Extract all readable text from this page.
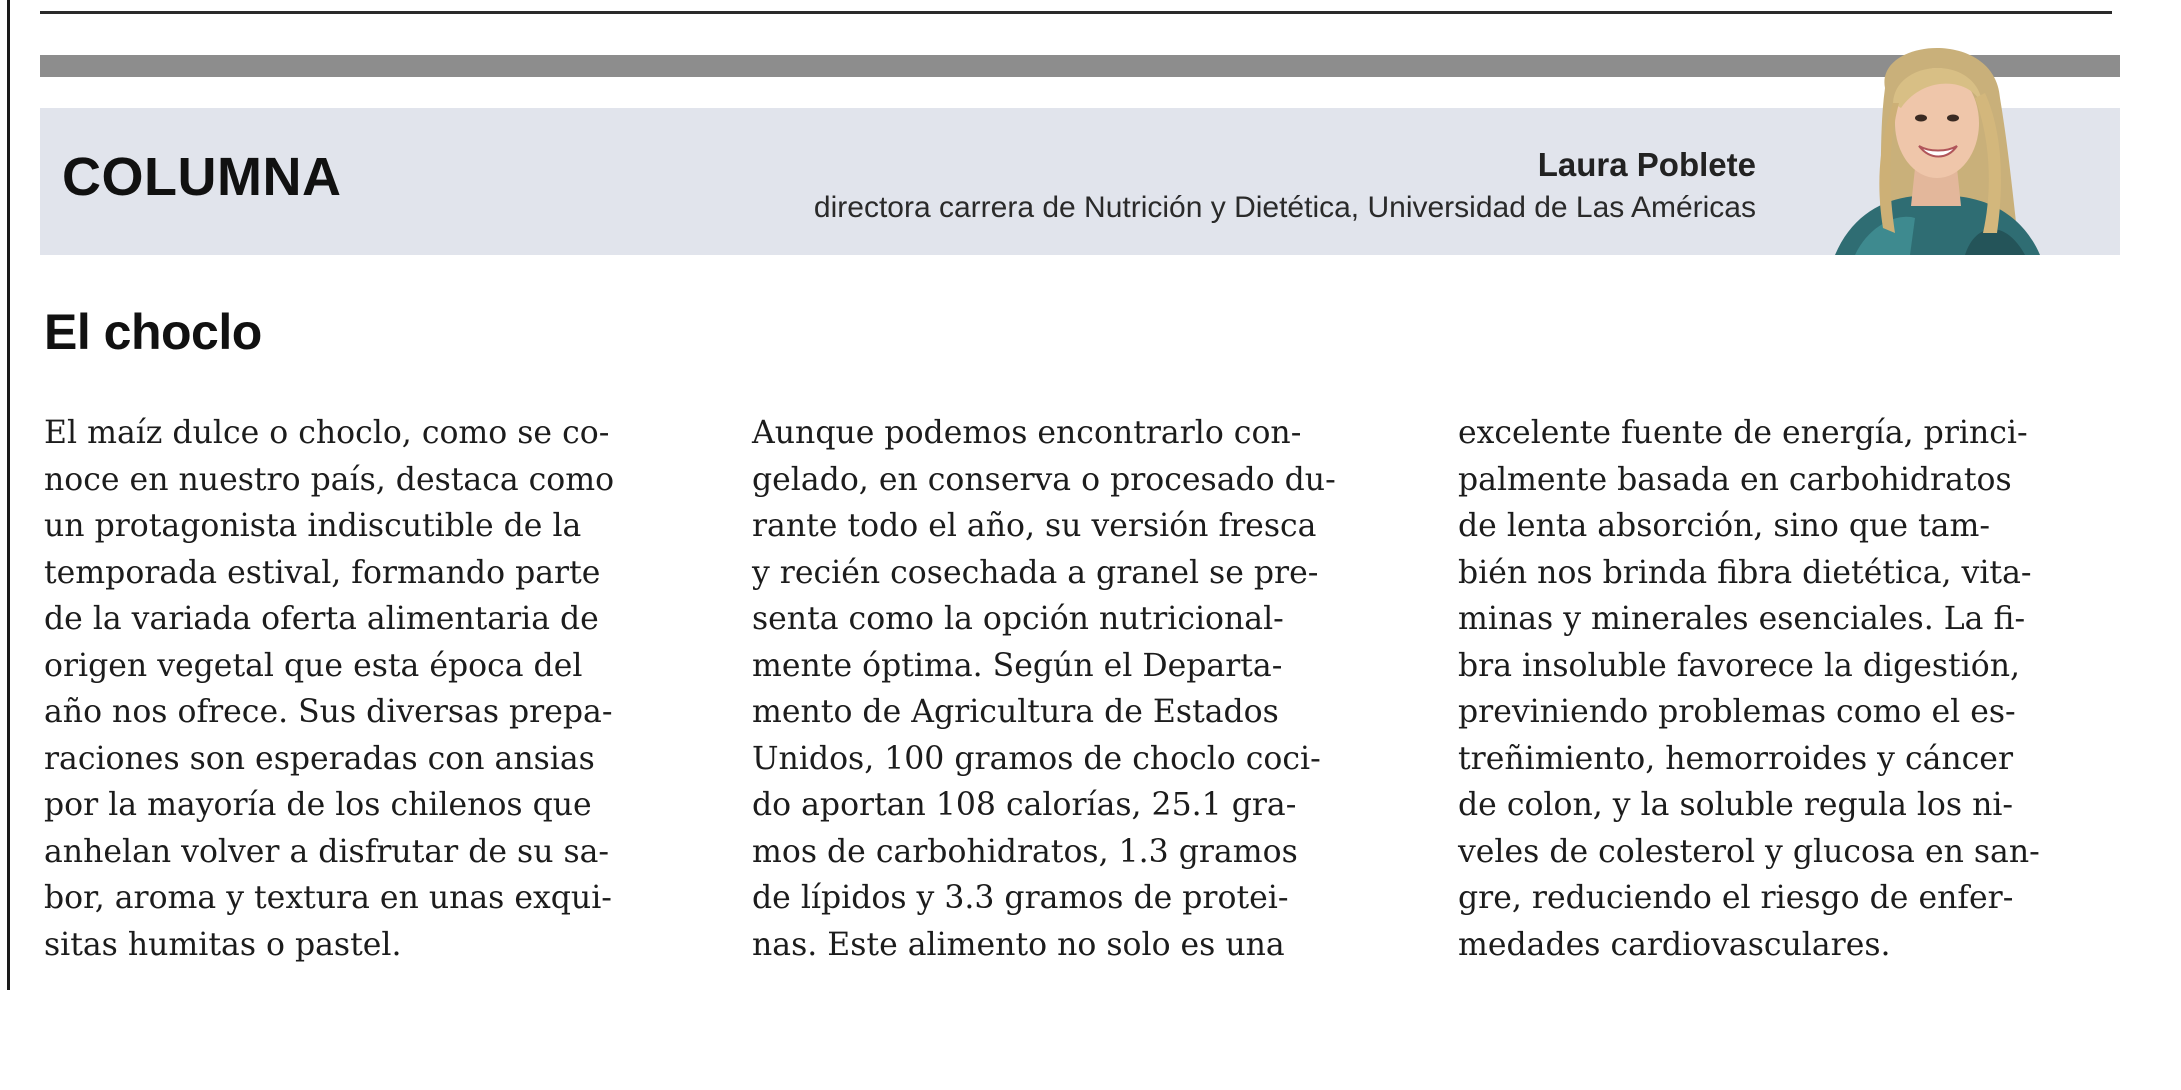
COLUMNA	Laura Poblete
directora carrera de Nutrición y Dietética, Universidad de Las Américas
El choclo
El maíz dulce o choclo, como se co-
noce en nuestro país, destaca como
un protagonista indiscutible de la
temporada estival, formando parte
de la variada oferta alimentaria de
origen vegetal que esta época del
año nos ofrece. Sus diversas prepa-
raciones son esperadas con ansias
por la mayoría de los chilenos que
anhelan volver a disfrutar de su sa-
bor, aroma y textura en unas exqui-
sitas humitas o pastel.
Aunque podemos encontrarlo con-
gelado, en conserva o procesado du-
rante todo el año, su versión fresca
y recién cosechada a granel se pre-
senta como la opción nutricional-
mente óptima. Según el Departa-
mento de Agricultura de Estados
Unidos, 100 gramos de choclo coci-
do aportan 108 calorías, 25.1 gra-
mos de carbohidratos, 1.3 gramos
de lípidos y 3.3 gramos de protei-
nas. Este alimento no solo es una
excelente fuente de energía, princi-
palmente basada en carbohidratos
de lenta absorción, sino que tam-
bién nos brinda fibra dietética, vita-
minas y minerales esenciales. La fi-
bra insoluble favorece la digestión,
previniendo problemas como el es-
treñimiento, hemorroides y cáncer
de colon, y la soluble regula los ni-
veles de colesterol y glucosa en san-
gre, reduciendo el riesgo de enfer-
medades cardiovasculares.
